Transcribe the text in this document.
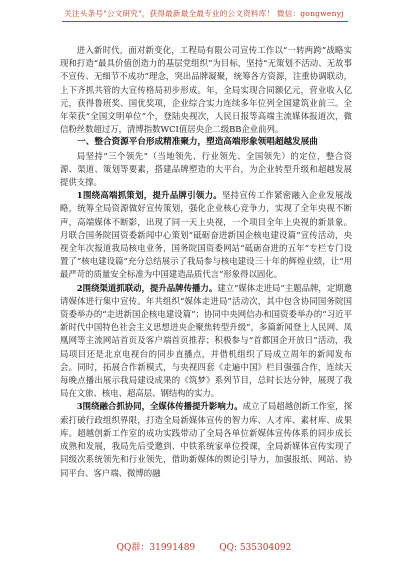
关注头条号"公文研究"，获得最新最全最专业的公文资料库！ 微信：gongwenyj

进入新时代，面对新变化，工程局有限公司宣传工作以“一转两跨”战略实现和打造“最具价值创造力的基层党组织”为目标，坚持“无策划不活动、无故事不宣传、无细节不成功”理念，突出品牌凝聚，统筹各方资源，注重协调联动，上下齐抓共管的大宣传格局初步形成。年，全局实现合同额亿元，营业收入亿元，获得鲁班奖、国优奖项，企业综合实力连续多年位列全国建筑业前三。全年荣获“全国文明单位”个，登陆央视次，人民日报等高端主流媒体报道次，微信粉丝数超过万，清博指数WCI值居央企二级BB企业前列。

一、整合资源平台形成精准聚力，塑造高端形象领唱超越发展曲

局坚持“三个领先”（当地领先、行业领先、全国领先）的定位，整合资源、渠道、策划等要素，搭建品牌塑造的大平台，为企业转型升级和超越发展提供支撑。

1围绕高端抓策划，提升品牌引领力。坚持宣传工作紧密融入企业发展战略，统筹全局资源做好宣传策划，强化企业核心竞争力，实现了全年央视不断声，高端媒体不断影，出现了同一天上央视，一个项目全年上央视的新景象。月联合国务院国资委新闻中心策划“砥砺奋进新国企核电建设篇”宣传活动，央视全年次报道我局核电业务，国务院国资委网站“砥砺奋进的五年”专栏专门设置了“核电建设篇”充分总结展示了我局参与核电建设三十年的辉煌业绩，让“用最严苛的质量安全标准为中国建造品质代言”形象得以固化。

2围绕渠道抓联动，提升品牌传播力。建立“媒体走进局”主题品牌，定期邀请媒体进行集中宣传。年共组织“媒体走进局”活动次，其中包含协同国务院国资委举办的“走进新国企核电建设篇”；协同中央网信办和国资委举办的“习近平新时代中国特色社会主义思想进央企聚焦转型升级”，多篇新闻登上人民网、凤凰网等主流网站首页及客户端首页推荐；积极参与“首都国企开放日”活动，我局项目还是北京电视台的同步直播点，并借机组织了局成立周年的新闻发布会。同时，拓展合作新模式，与央视四套《走遍中国》栏目强强合作，连续天每晚点播出展示我局建设成果的《筑梦》系列节目，总时长达分钟，展现了我局在文旅、核电、超高层、钢结构的实力。

3围绕融合抓协同，全媒体传播提升影响力。成立了局超越创新工作室，探索打破行政组织界限，打造全局新媒体宣传的智力库、人才库、素材库、成果库。超越创新工作室的成功实践带动了全局各单位新媒体宣传体系的同步成长成熟和发展，我局先后受邀到、中铁系统家单位授课，全局新媒体宣传实现了同级次系统领先和行业领先，借助新媒体的舆论引导力，加强报纸、网站、协同平台、客户端、微博的融

QQ群：31991489	QQ: 535304092
